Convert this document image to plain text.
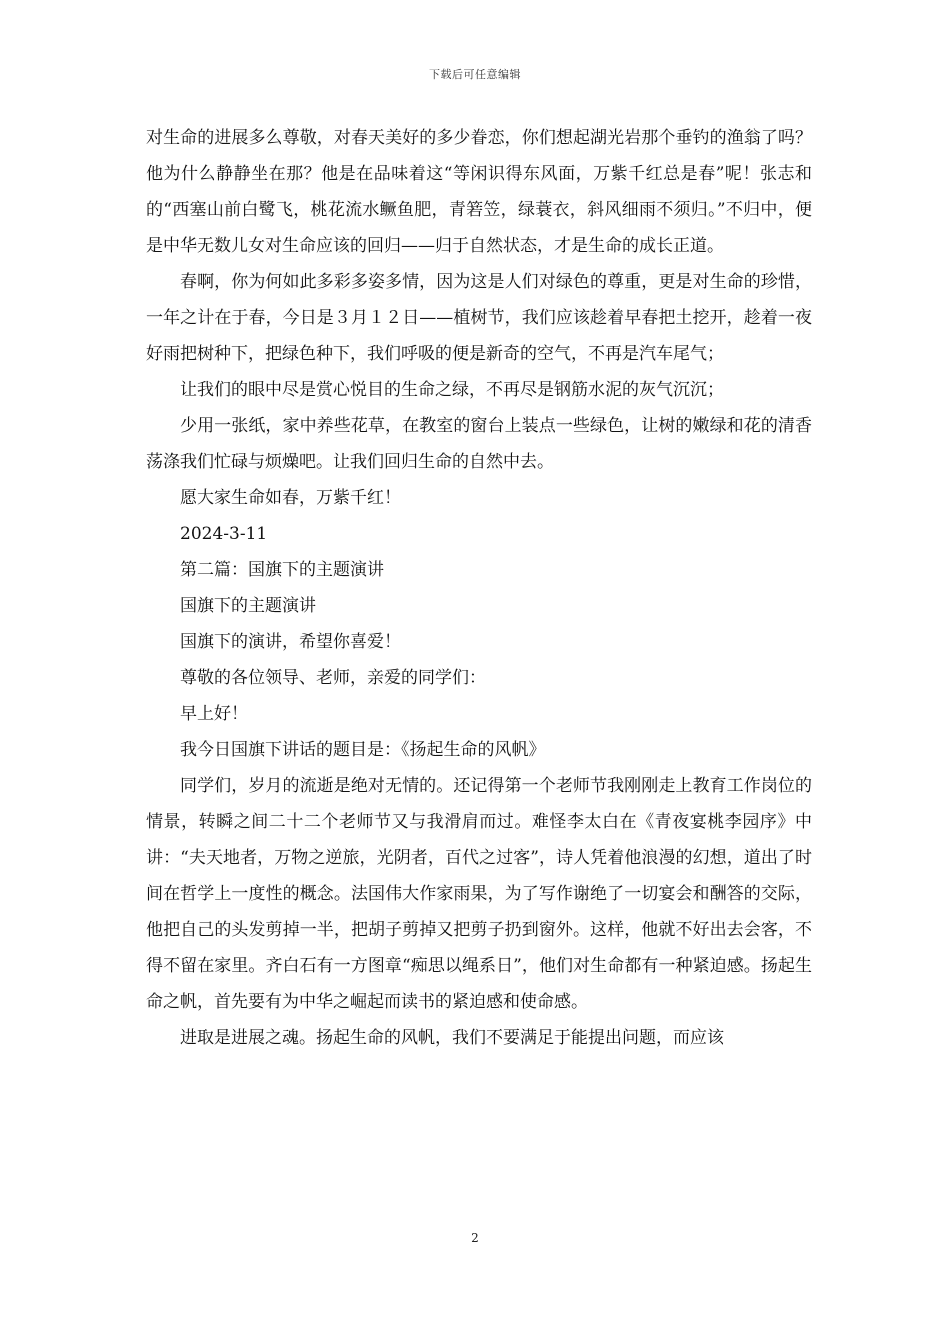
下载后可任意编辑

对生命的进展多么尊敬，对春天美好的多少眷恋，你们想起湖光岩那个垂钓的渔翁了吗？他为什么静静坐在那？他是在品味着这“等闲识得东风面，万紫千红总是春”呢！张志和的“西塞山前白鹭飞，桃花流水鳜鱼肥，青箬笠，绿蓑衣，斜风细雨不须归。”不归中，便是中华无数儿女对生命应该的回归——归于自然状态，才是生命的成长正道。

春啊，你为何如此多彩多姿多情，因为这是人们对绿色的尊重，更是对生命的珍惜，一年之计在于春，今日是３月１２日——植树节，我们应该趁着早春把土挖开，趁着一夜好雨把树种下，把绿色种下，我们呼吸的便是新奇的空气，不再是汽车尾气；

让我们的眼中尽是赏心悦目的生命之绿，不再尽是钢筋水泥的灰气沉沉；

少用一张纸，家中养些花草，在教室的窗台上装点一些绿色，让树的嫩绿和花的清香荡涤我们忙碌与烦燥吧。让我们回归生命的自然中去。

愿大家生命如春，万紫千红！

2024-3-11

第二篇：国旗下的主题演讲

国旗下的主题演讲

国旗下的演讲，希望你喜爱！

尊敬的各位领导、老师，亲爱的同学们：

早上好！

我今日国旗下讲话的题目是：《扬起生命的风帆》

同学们，岁月的流逝是绝对无情的。还记得第一个老师节我刚刚走上教育工作岗位的情景，转瞬之间二十二个老师节又与我滑肩而过。难怪李太白在《青夜宴桃李园序》中讲：“夫天地者，万物之逆旅，光阴者，百代之过客”，诗人凭着他浪漫的幻想，道出了时间在哲学上一度性的概念。法国伟大作家雨果，为了写作谢绝了一切宴会和酬答的交际，他把自己的头发剪掉一半，把胡子剪掉又把剪子扔到窗外。这样，他就不好出去会客，不得不留在家里。齐白石有一方图章“痴思以绳系日”，他们对生命都有一种紧迫感。扬起生命之帆，首先要有为中华之崛起而读书的紧迫感和使命感。

进取是进展之魂。扬起生命的风帆，我们不要满足于能提出问题，而应该

2
